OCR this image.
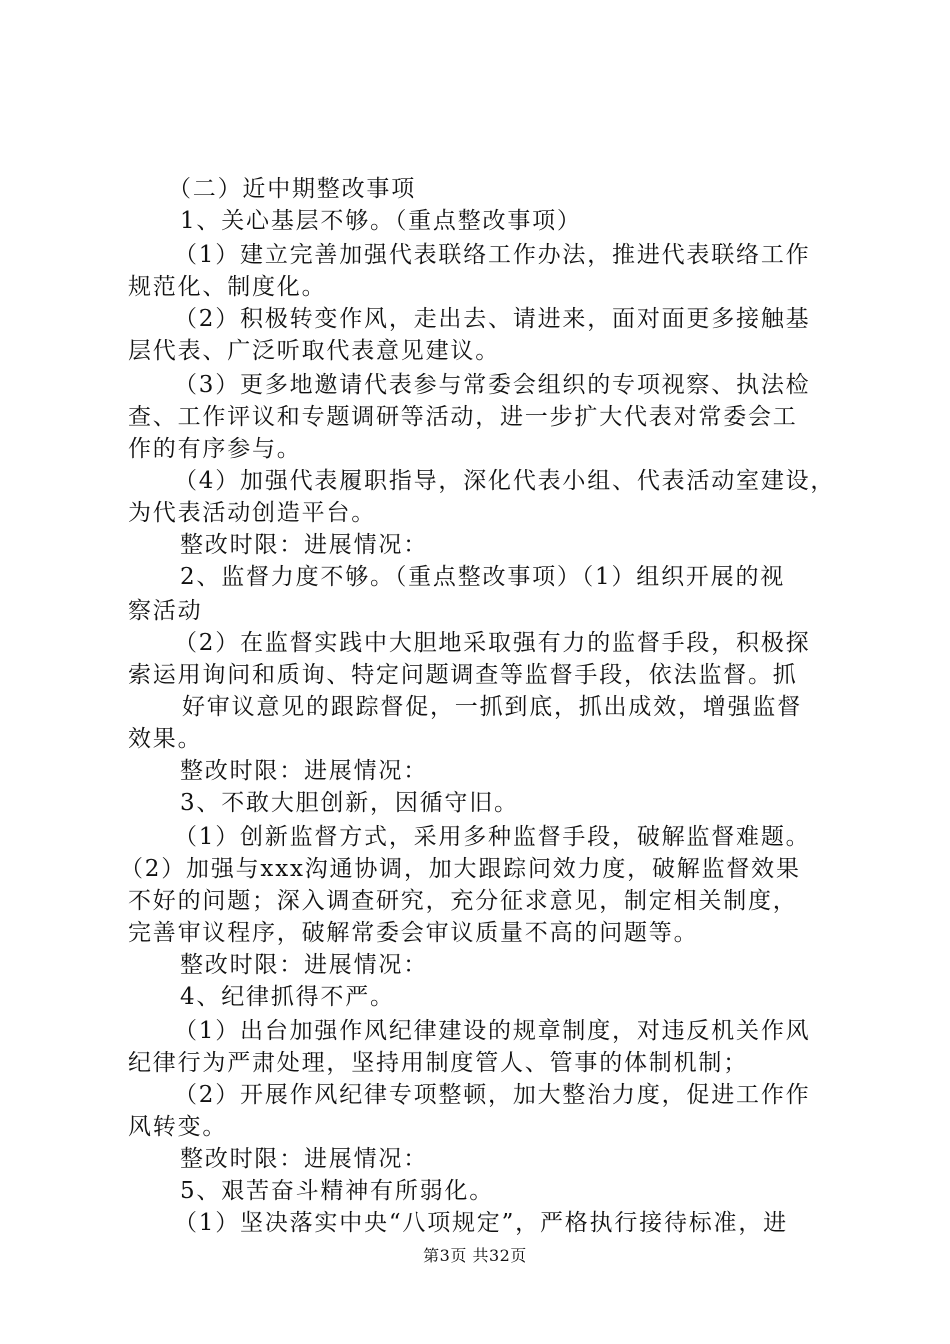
（二）近中期整改事项
1、关心基层不够。（重点整改事项）
（1）建立完善加强代表联络工作办法，推进代表联络工作
规范化、制度化。
（2）积极转变作风，走出去、请进来，面对面更多接触基
层代表、广泛听取代表意见建议。
（3）更多地邀请代表参与常委会组织的专项视察、执法检
查、工作评议和专题调研等活动，进一步扩大代表对常委会工
作的有序参与。
（4）加强代表履职指导，深化代表小组、代表活动室建设，
为代表活动创造平台。
整改时限：进展情况：
2、监督力度不够。（重点整改事项）（1）组织开展的视
察活动
（2）在监督实践中大胆地采取强有力的监督手段，积极探
索运用询问和质询、特定问题调查等监督手段，依法监督。抓
好审议意见的跟踪督促，一抓到底，抓出成效，增强监督
效果。
整改时限：进展情况：
3、不敢大胆创新，因循守旧。
（1）创新监督方式，采用多种监督手段，破解监督难题。
（2）加强与xxx沟通协调，加大跟踪问效力度，破解监督效果
不好的问题；深入调查研究，充分征求意见，制定相关制度，
完善审议程序，破解常委会审议质量不高的问题等。
整改时限：进展情况：
4、纪律抓得不严。
（1）出台加强作风纪律建设的规章制度，对违反机关作风
纪律行为严肃处理，坚持用制度管人、管事的体制机制；
（2）开展作风纪律专项整顿，加大整治力度，促进工作作
风转变。
整改时限：进展情况：
5、艰苦奋斗精神有所弱化。
（1）坚决落实中央“八项规定”，严格执行接待标准，进
第3页 共32页
